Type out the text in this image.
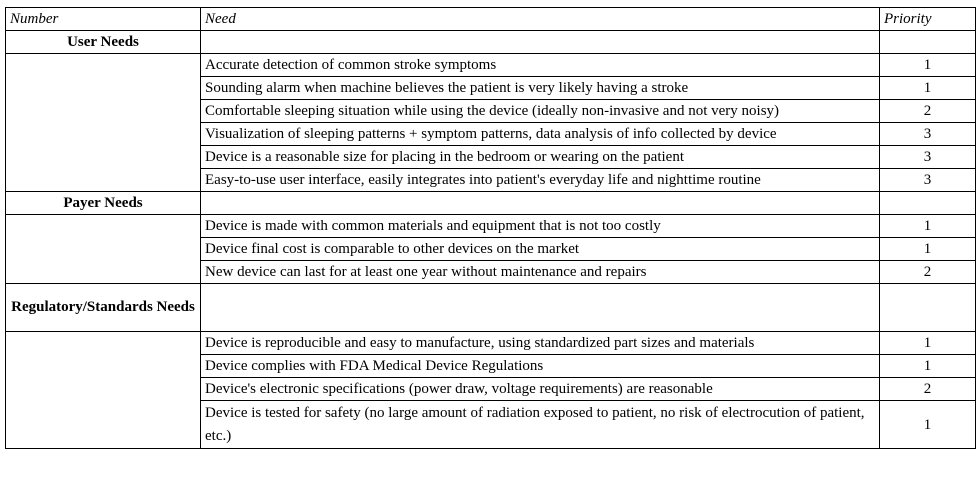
Number	Need	Priority
User Needs		
	Accurate detection of common stroke symptoms	1
	Sounding alarm when machine believes the patient is very likely having a stroke	1
	Comfortable sleeping situation while using the device (ideally non-invasive and not very noisy)	2
	Visualization of sleeping patterns + symptom patterns, data analysis of info collected by device	3
	Device is a reasonable size for placing in the bedroom or wearing on the patient	3
	Easy-to-use user interface, easily integrates into patient's everyday life and nighttime routine	3
Payer Needs		
	Device is made with common materials and equipment that is not too costly	1
	Device final cost is comparable to other devices on the market	1
	New device can last for at least one year without maintenance and repairs	2
Regulatory/Standards Needs		
	Device is reproducible and easy to manufacture, using standardized part sizes and materials	1
	Device complies with FDA Medical Device Regulations	1
	Device's electronic specifications (power draw, voltage requirements) are reasonable	2
	Device is tested for safety (no large amount of radiation exposed to patient, no risk of electrocution of patient, etc.)	1
